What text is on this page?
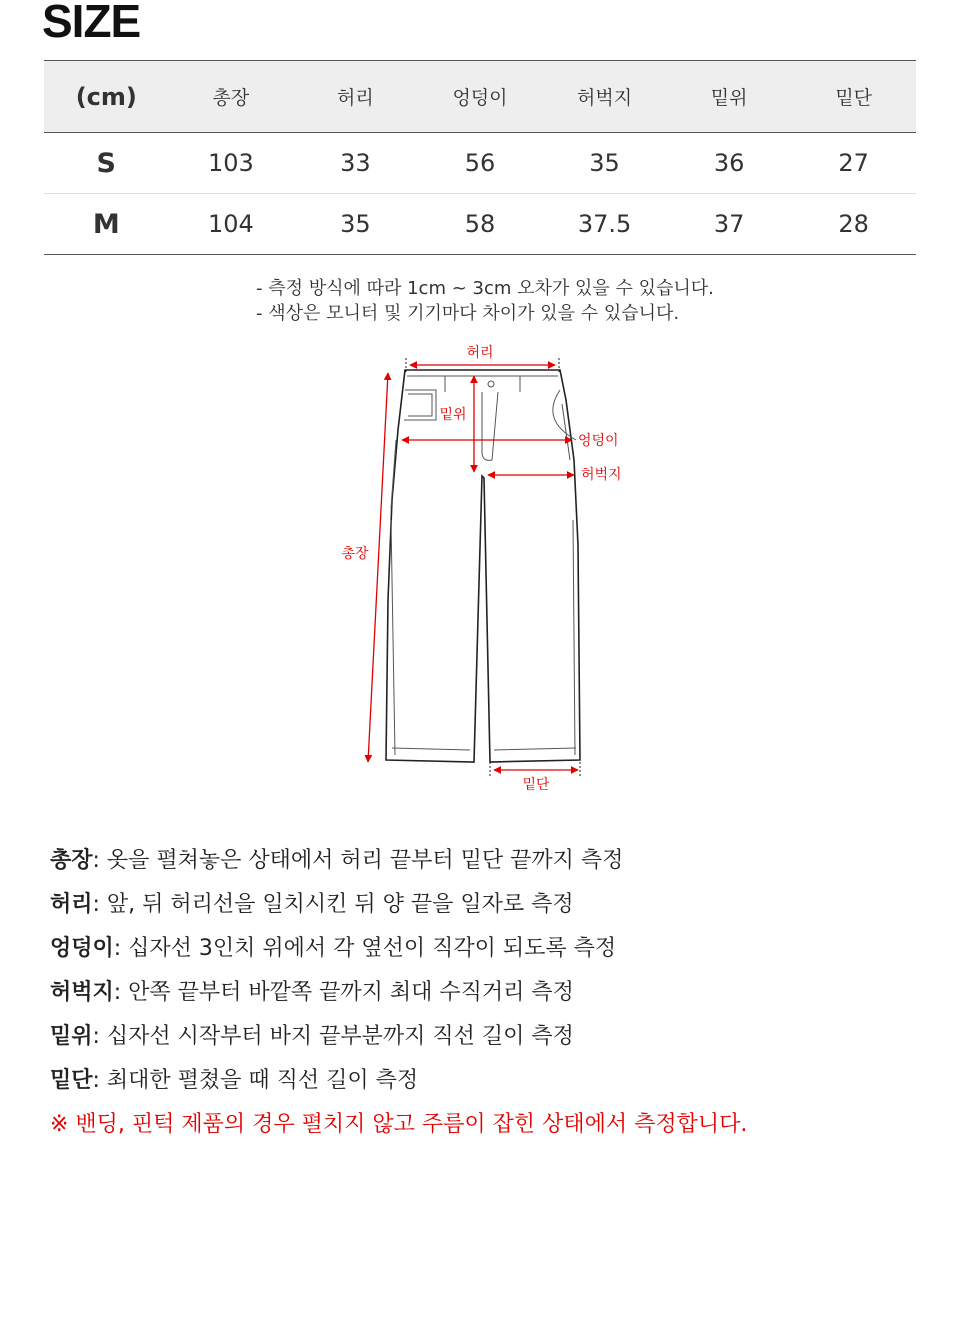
SIZE
(cm)	총장	허리	엉덩이	허벅지	밑위	밑단
S	103	33	56	35	36	27
M	104	35	58	37.5	37	28
- 측정 방식에 따라 1cm ~ 3cm 오차가 있을 수 있습니다.
- 색상은 모니터 및 기기마다 차이가 있을 수 있습니다.
허리
밑위
엉덩이
허벅지
총장
밑단
총장: 옷을 펼쳐놓은 상태에서 허리 끝부터 밑단 끝까지 측정
허리: 앞, 뒤 허리선을 일치시킨 뒤 양 끝을 일자로 측정
엉덩이: 십자선 3인치 위에서 각 옆선이 직각이 되도록 측정
허벅지: 안쪽 끝부터 바깥쪽 끝까지 최대 수직거리 측정
밑위: 십자선 시작부터 바지 끝부분까지 직선 길이 측정
밑단: 최대한 펼쳤을 때 직선 길이 측정
※ 밴딩, 핀턱 제품의 경우 펼치지 않고 주름이 잡힌 상태에서 측정합니다.
